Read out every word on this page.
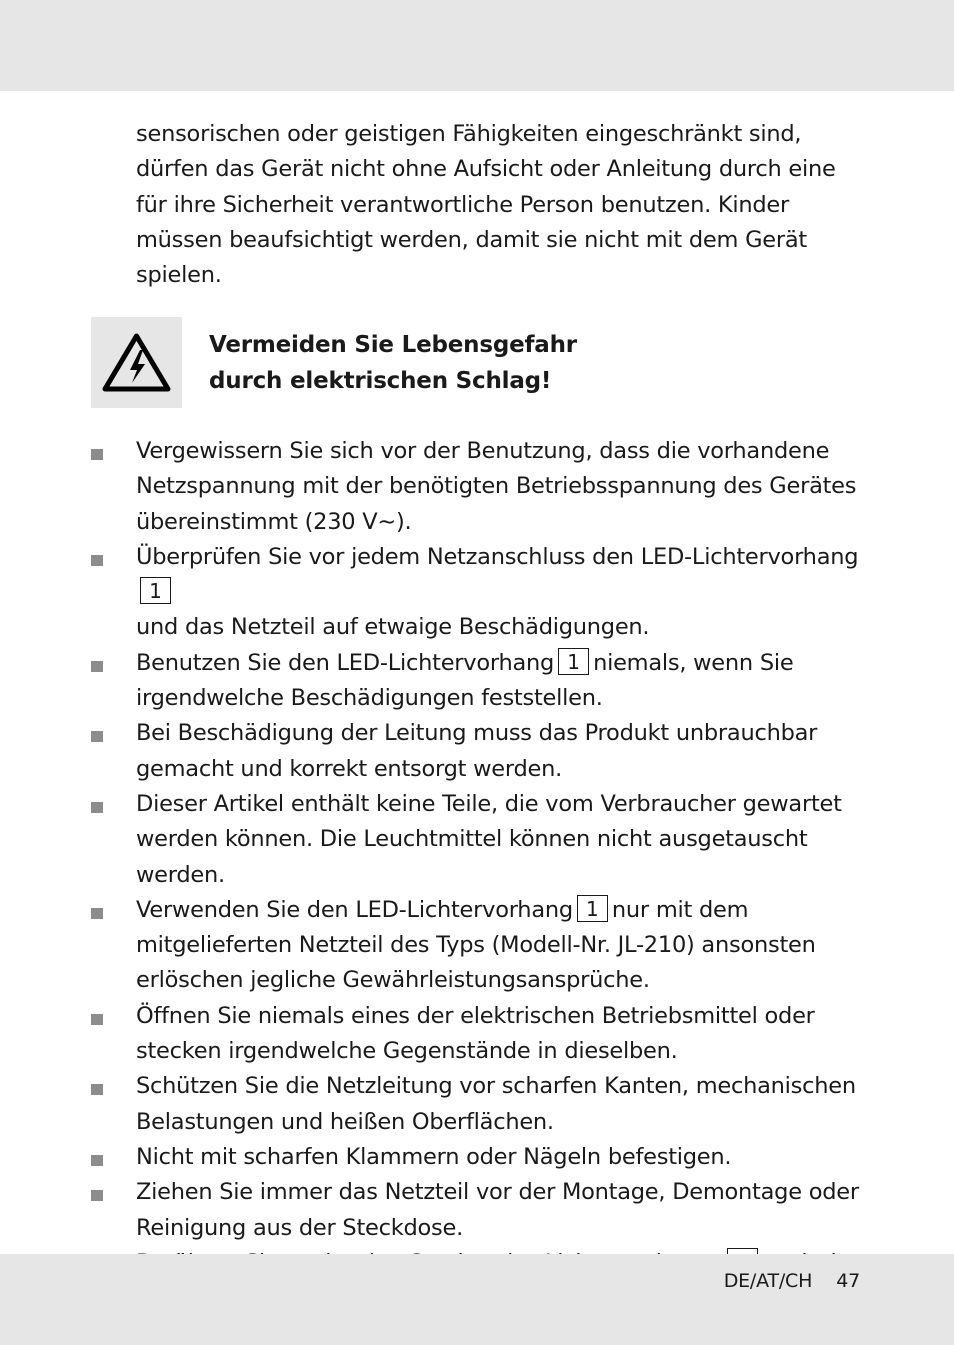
sensorischen oder geistigen Fähigkeiten eingeschränkt sind, dürfen das Gerät nicht ohne Aufsicht oder Anleitung durch eine für ihre Sicherheit verantwortliche Person benutzen. Kinder müssen beaufsichtigt werden, damit sie nicht mit dem Gerät spielen.

Vermeiden Sie Lebensgefahr
durch elektrischen Schlag!
Vergewissern Sie sich vor der Benutzung, dass die vorhandene Netzspannung mit der benötigten Betriebsspannung des Gerätes übereinstimmt (230 V∼).
Überprüfen Sie vor jedem Netzanschluss den LED-Lichtervorhang1
und das Netzteil auf etwaige Beschädigungen.
Benutzen Sie den LED-Lichtervorhang 1 niemals, wenn Sie irgendwelche Beschädigungen feststellen.
Bei Beschädigung der Leitung muss das Produkt unbrauchbar gemacht und korrekt entsorgt werden.
Dieser Artikel enthält keine Teile, die vom Verbraucher gewartet werden können. Die Leuchtmittel können nicht ausgetauscht werden.
Verwenden Sie den LED-Lichtervorhang 1 nur mit dem mitgelieferten Netzteil des Typs (Modell-Nr. JL-210) ansonsten erlöschen jegliche Gewährleistungsansprüche.
Öffnen Sie niemals eines der elektrischen Betriebsmittel oder stecken irgendwelche Gegenstände in dieselben.
Schützen Sie die Netzleitung vor scharfen Kanten, mechanischen Belastungen und heißen Oberflächen.
Nicht mit scharfen Klammern oder Nägeln befestigen.
Ziehen Sie immer das Netzteil vor der Montage, Demontage oder Reinigung aus der Steckdose.
DE/AT/CH 47
